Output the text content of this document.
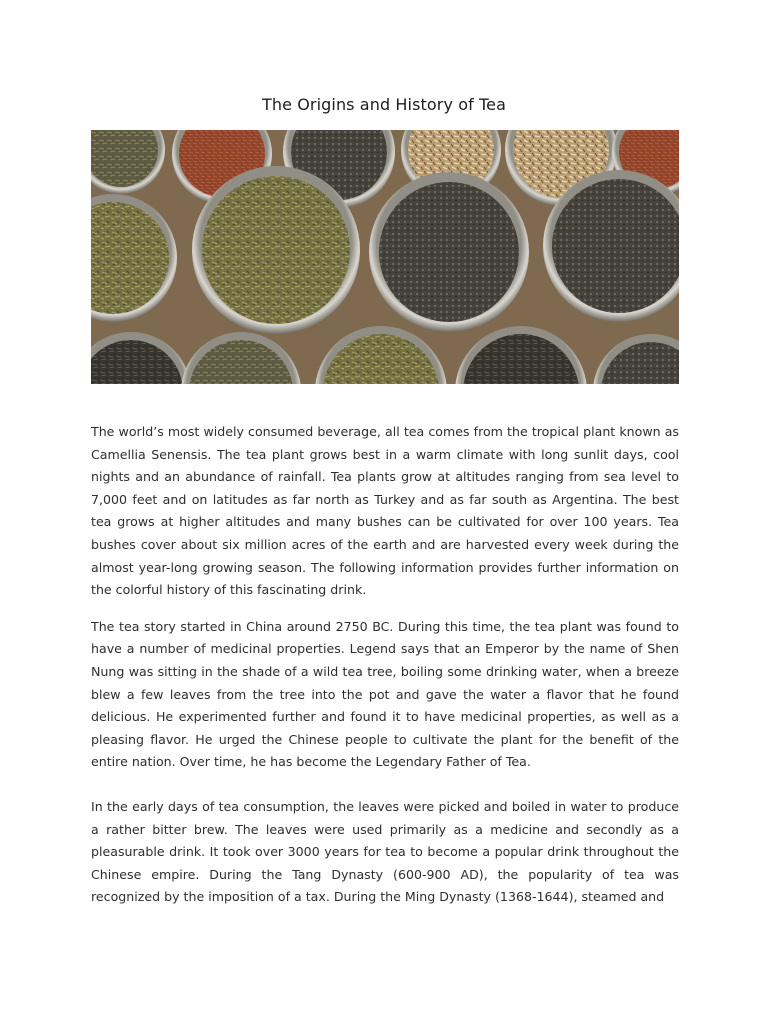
The Origins and History of Tea

The world’s most widely consumed beverage, all tea comes from the tropical plant known as Camellia Senensis. The tea plant grows best in a warm climate with long sunlit days, cool nights and an abundance of rainfall. Tea plants grow at altitudes ranging from sea level to 7,000 feet and on latitudes as far north as Turkey and as far south as Argentina. The best tea grows at higher altitudes and many bushes can be cultivated for over 100 years. Tea bushes cover about six million acres of the earth and are harvested every week during the almost year-long growing season. The following information provides further information on the colorful history of this fascinating drink.

The tea story started in China around 2750 BC. During this time, the tea plant was found to have a number of medicinal properties. Legend says that an Emperor by the name of Shen Nung was sitting in the shade of a wild tea tree, boiling some drinking water, when a breeze blew a few leaves from the tree into the pot and gave the water a flavor that he found delicious. He experimented further and found it to have medicinal properties, as well as a pleasing flavor. He urged the Chinese people to cultivate the plant for the benefit of the entire nation. Over time, he has become the Legendary Father of Tea.

In the early days of tea consumption, the leaves were picked and boiled in water to produce a rather bitter brew. The leaves were used primarily as a medicine and secondly as a pleasurable drink. It took over 3000 years for tea to become a popular drink throughout the Chinese empire. During the Tang Dynasty (600-900 AD), the popularity of tea was recognized by the imposition of a tax. During the Ming Dynasty (1368-1644), steamed and
